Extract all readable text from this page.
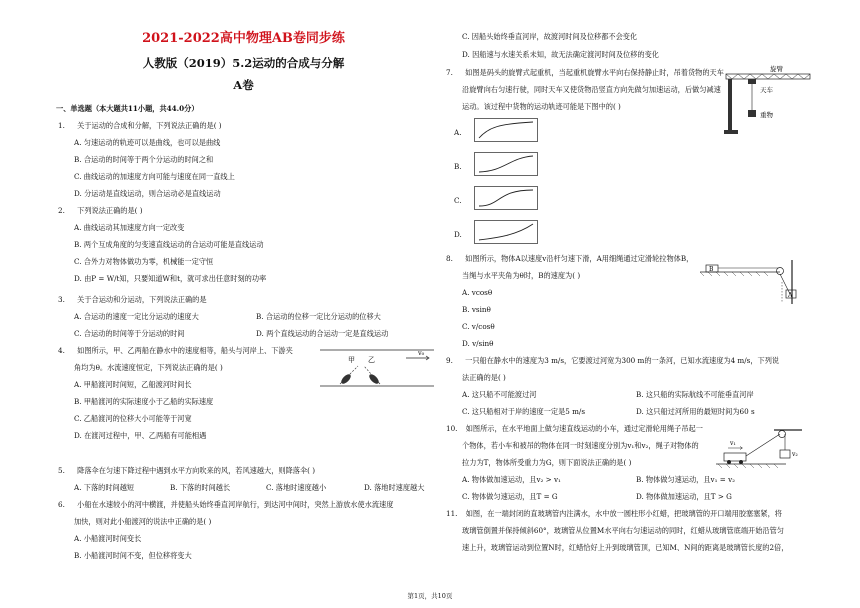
2021-2022高中物理AB卷同步练
人教版（2019）5.2运动的合成与分解
A卷
一、单选题（本大题共11小题，共44.0分）
1. 关于运动的合成和分解，下列说法正确的是( )
A. 匀速运动的轨迹可以是曲线，也可以是曲线
B. 合运动的时间等于两个分运动的时间之和
C. 曲线运动的加速度方向可能与速度在同一直线上
D. 分运动是直线运动，则合运动必是直线运动
2. 下列说法正确的是( )
A. 曲线运动其加速度方向一定改变
B. 两个互成角度的匀变速直线运动的合运动可能是直线运动
C. 合外力对物体做功为零，机械能一定守恒
D. 由P = W/t知，只要知道W和t，就可求出任意时刻的功率
3. 关于合运动和分运动，下列说法正确的是
A. 合运动的速度一定比分运动的速度大	B. 合运动的位移一定比分运动的位移大
C. 合运动的时间等于分运动的时间	D. 两个直线运动的合运动一定是直线运动
4. 如图所示，甲、乙两船在静水中的速度相等，船头与河岸上、下游夹
角均为θ。水流速度恒定，下列说法正确的是( )
A. 甲船渡河时间短，乙船渡河时间长
B. 甲船渡河的实际速度小于乙船的实际速度
C. 乙船渡河的位移大小可能等于河宽
D. 在渡河过程中，甲、乙两船有可能相遇
甲 乙
v₀
5. 降落伞在匀速下降过程中遇到水平方向吹来的风，若风速越大，则降落伞( )
A. 下落的时间越短	B. 下落的时间越长	C. 落地时速度越小	D. 落地时速度越大
6. 小船在水速较小的河中横渡，并使船头始终垂直河岸航行，到达河中间时，突然上游放水使水流速度
加快，则对此小船渡河的说法中正确的是( )
A. 小船渡河时间变长
B. 小船渡河时间不变，但位移将变大
C. 因船头始终垂直河岸，故渡河时间及位移都不会变化
D. 因船速与水速关系未知，故无法确定渡河时间及位移的变化
7. 如图是码头的旋臂式起重机，当起重机旋臂水平向右保持静止时，吊着货物的天车
沿旋臂向右匀速行驶，同时天车又使货物沿竖直方向先做匀加速运动，后做匀减速
运动。该过程中货物的运动轨迹可能是下图中的( )
旋臂
天车
重物
A.
B.
C.
D.
8. 如图所示，物体A以速度v沿杆匀速下滑，A用细绳通过定滑轮拉物体B，
当绳与水平夹角为θ时，B的速度为( )
A. vcosθ
B. vsinθ
C. v/cosθ
D. v/sinθ
B
A
9. 一只船在静水中的速度为3 m/s，它要渡过河宽为300 m的一条河，已知水流速度为4 m/s，下列说
法正确的是( )
A. 这只船不可能渡过河	B. 这只船的实际航线不可能垂直河岸
C. 这只船相对于岸的速度一定是5 m/s	D. 这只船过河所用的最短时间为60 s
10. 如图所示，在水平地面上做匀速直线运动的小车，通过定滑轮用绳子吊起一
个物体，若小车和被吊的物体在同一时刻速度分别为v₁和v₂，绳子对物体的
拉力为T，物体所受重力为G，则下面说法正确的是( )
A. 物体做加速运动，且v₂ > v₁	B. 物体做匀速运动，且v₁ = v₂
C. 物体做匀速运动，且T = G	D. 物体做加速运动，且T > G
v₁
v₂
11. 如图，在一端封闭的直玻璃管内注满水，水中放一圆柱形小红蜡，把玻璃管的开口端用胶塞塞紧，将
玻璃管倒置并保持倾斜60°，玻璃管从位置M水平向右匀速运动的同时，红蜡从玻璃管底端开始沿管匀
速上升，玻璃管运动到位置N时，红蜡恰好上升到玻璃管顶，已知M、N间的距离是玻璃管长度的2倍，
第1页，共10页
